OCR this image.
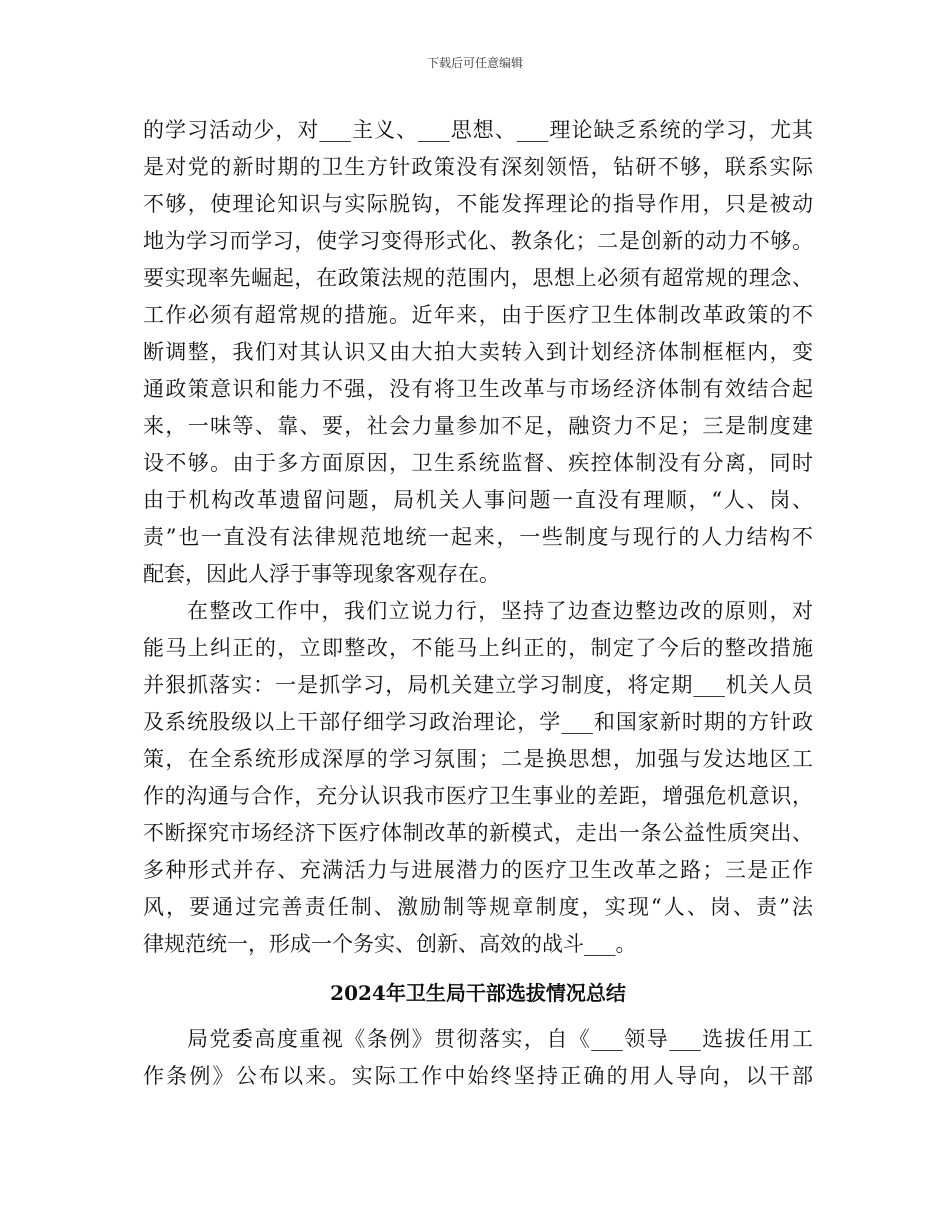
下载后可任意编辑
的学习活动少，对___主义、___思想、___理论缺乏系统的学习，尤其
是对党的新时期的卫生方针政策没有深刻领悟，钻研不够，联系实际
不够，使理论知识与实际脱钩，不能发挥理论的指导作用，只是被动
地为学习而学习，使学习变得形式化、教条化；二是创新的动力不够。
要实现率先崛起，在政策法规的范围内，思想上必须有超常规的理念、
工作必须有超常规的措施。近年来，由于医疗卫生体制改革政策的不
断调整，我们对其认识又由大拍大卖转入到计划经济体制框框内，变
通政策意识和能力不强，没有将卫生改革与市场经济体制有效结合起
来，一味等、靠、要，社会力量参加不足，融资力不足；三是制度建
设不够。由于多方面原因，卫生系统监督、疾控体制没有分离，同时
由于机构改革遗留问题，局机关人事问题一直没有理顺，“人、岗、
责”也一直没有法律规范地统一起来，一些制度与现行的人力结构不
配套，因此人浮于事等现象客观存在。
在整改工作中，我们立说力行，坚持了边查边整边改的原则，对
能马上纠正的，立即整改，不能马上纠正的，制定了今后的整改措施
并狠抓落实：一是抓学习，局机关建立学习制度，将定期___机关人员
及系统股级以上干部仔细学习政治理论，学___和国家新时期的方针政
策，在全系统形成深厚的学习氛围；二是换思想，加强与发达地区工
作的沟通与合作，充分认识我市医疗卫生事业的差距，增强危机意识，
不断探究市场经济下医疗体制改革的新模式，走出一条公益性质突出、
多种形式并存、充满活力与进展潜力的医疗卫生改革之路；三是正作
风，要通过完善责任制、激励制等规章制度，实现“人、岗、责”法
律规范统一，形成一个务实、创新、高效的战斗___。
2024年卫生局干部选拔情况总结
局党委高度重视《条例》贯彻落实，自《___领导___选拔任用工
作条例》公布以来。实际工作中始终坚持正确的用人导向，以干部
